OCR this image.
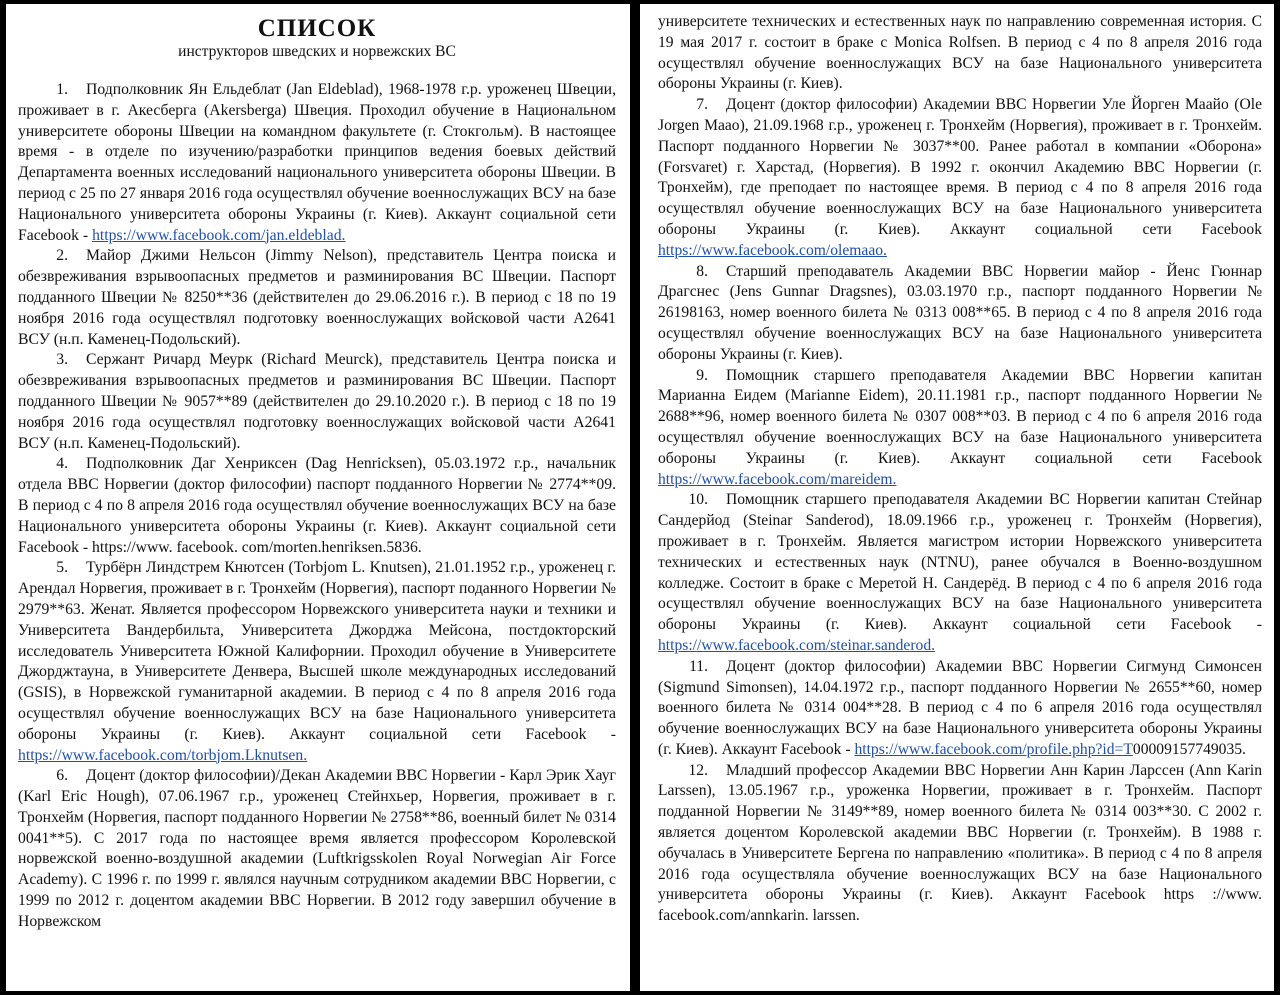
СПИСОК
инструкторов шведских и норвежских ВС

1. Подполковник Ян Ельдеблат (Jan Eldeblad), 1968-1978 г.р. уроженец Швеции, проживает в г. Акесберга (Akersberga) Швеция. Проходил обучение в Национальном университете обороны Швеции на командном факультете (г. Стокгольм). В настоящее время - в отделе по изучению/разработки принципов ведения боевых действий Департамента военных исследований национального университета обороны Швеции. В период с 25 по 27 января 2016 года осуществлял обучение военнослужащих ВСУ на базе Национального университета обороны Украины (г. Киев). Аккаунт социальной сети Facebook - https://www.facebook.com/jan.eldeblad.

2. Майор Джими Нельсон (Jimmy Nelson), представитель Центра поиска и обезвреживания взрывоопасных предметов и разминирования ВС Швеции. Паспорт подданного Швеции № 8250**36 (действителен до 29.06.2016 г.). В период с 18 по 19 ноября 2016 года осуществлял подготовку военнослужащих войсковой части А2641 ВСУ (н.п. Каменец-Подольский).

3. Сержант Ричард Меурк (Richard Meurck), представитель Центра поиска и обезвреживания взрывоопасных предметов и разминирования ВС Швеции. Паспорт подданного Швеции № 9057**89 (действителен до 29.10.2020 г.). В период с 18 по 19 ноября 2016 года осуществлял подготовку военнослужащих войсковой части А2641 ВСУ (н.п. Каменец-Подольский).

4. Подполковник Даг Хенриксен (Dag Henricksen), 05.03.1972 г.р., начальник отдела ВВС Норвегии (доктор философии) паспорт подданного Норвегии № 2774**09. В период с 4 по 8 апреля 2016 года осуществлял обучение военнослужащих ВСУ на базе Национального университета обороны Украины (г. Киев). Аккаунт социальной сети Facebook - https://www. facebook. com/morten.henriksen.5836.

5. Турбёрн Линдстрем Кнютсен (Torbjom L. Knutsen), 21.01.1952 г.р., уроженец г. Арендал Норвегия, проживает в г. Тронхейм (Норвегия), паспорт поданного Норвегии № 2979**63. Женат. Является профессором Норвежского университета науки и техники и Университета Вандербильта, Университета Джорджа Мейсона, постдокторский исследователь Университета Южной Калифорнии. Проходил обучение в Университете Джорджтауна, в Университете Денвера, Высшей школе международных исследований (GSIS), в Норвежской гуманитарной академии. В период с 4 по 8 апреля 2016 года осуществлял обучение военнослужащих ВСУ на базе Национального университета обороны Украины (г. Киев). Аккаунт социальной сети Facebook - https://www.facebook.com/torbjom.Lknutsen.

6. Доцент (доктор философии)/Декан Академии ВВС Норвегии - Карл Эрик Хауг (Karl Eric Hough), 07.06.1967 г.р., уроженец Стейнхьер, Норвегия, проживает в г. Тронхейм (Норвегия, паспорт подданного Норвегии № 2758**86, военный билет № 0314 0041**5). С 2017 года по настоящее время является профессором Королевской норвежской военно-воздушной академии (Luftkrigsskolen Royal Norwegian Air Force Academy). С 1996 г. по 1999 г. являлся научным сотрудником академии ВВС Норвегии, с 1999 по 2012 г. доцентом академии ВВС Норвегии. В 2012 году завершил обучение в Норвежском

университете технических и естественных наук по направлению современная история. С 19 мая 2017 г. состоит в браке с Monica Rolfsen. В период с 4 по 8 апреля 2016 года осуществлял обучение военнослужащих ВСУ на базе Национального университета обороны Украины (г. Киев).

7. Доцент (доктор философии) Академии ВВС Норвегии Уле Йорген Маайо (Ole Jorgen Maao), 21.09.1968 г.р., уроженец г. Тронхейм (Норвегия), проживает в г. Тронхейм. Паспорт подданного Норвегии № 3037**00. Ранее работал в компании «Оборона» (Forsvaret) г. Харстад, (Норвегия). В 1992 г. окончил Академию ВВС Норвегии (г. Тронхейм), где преподает по настоящее время. В период с 4 по 8 апреля 2016 года осуществлял обучение военнослужащих ВСУ на базе Национального университета обороны Украины (г. Киев). Аккаунт социальной сети Facebook https://www.facebook.com/olemaao.

8. Старший преподаватель Академии ВВС Норвегии майор - Йенс Гюннар Драгснес (Jens Gunnar Dragsnes), 03.03.1970 г.р., паспорт подданного Норвегии № 26198163, номер военного билета № 0313 008**65. В период с 4 по 8 апреля 2016 года осуществлял обучение военнослужащих ВСУ на базе Национального университета обороны Украины (г. Киев).

9. Помощник старшего преподавателя Академии ВВС Норвегии капитан Марианна Еидем (Marianne Eidem), 20.11.1981 г.р., паспорт подданного Норвегии № 2688**96, номер военного билета № 0307 008**03. В период с 4 по 6 апреля 2016 года осуществлял обучение военнослужащих ВСУ на базе Национального университета обороны Украины (г. Киев). Аккаунт социальной сети Facebook https://www.facebook.com/mareidem.

10. Помощник старшего преподавателя Академии ВС Норвегии капитан Стейнар Сандерйод (Steinar Sanderod), 18.09.1966 г.р., уроженец г. Тронхейм (Норвегия), проживает в г. Тронхейм. Является магистром истории Норвежского университета технических и естественных наук (NTNU), ранее обучался в Военно-воздушном колледже. Состоит в браке с Меретой Н. Сандерёд. В период с 4 по 6 апреля 2016 года осуществлял обучение военнослужащих ВСУ на базе Национального университета обороны Украины (г. Киев). Аккаунт социальной сети Facebook - https://www.facebook.com/steinar.sanderod.

11. Доцент (доктор философии) Академии ВВС Норвегии Сигмунд Симонсен (Sigmund Simonsen), 14.04.1972 г.р., паспорт подданного Норвегии № 2655**60, номер военного билета № 0314 004**28. В период с 4 по 6 апреля 2016 года осуществлял обучение военнослужащих ВСУ на базе Национального университета обороны Украины (г. Киев). Аккаунт Facebook - https://www.facebook.com/profile.php?id=T00009157749035.

12. Младший профессор Академии ВВС Норвегии Анн Карин Ларссен (Ann Karin Larssen), 13.05.1967 г.р., уроженка Норвегии, проживает в г. Тронхейм. Паспорт подданной Норвегии № 3149**89, номер военного билета № 0314 003**30. С 2002 г. является доцентом Королевской академии ВВС Норвегии (г. Тронхейм). В 1988 г. обучалась в Университете Бергена по направлению «политика». В период с 4 по 8 апреля 2016 года осуществляла обучение военнослужащих ВСУ на базе Национального университета обороны Украины (г. Киев). Аккаунт Facebook https ://www. facebook.com/annkarin. larssen.
